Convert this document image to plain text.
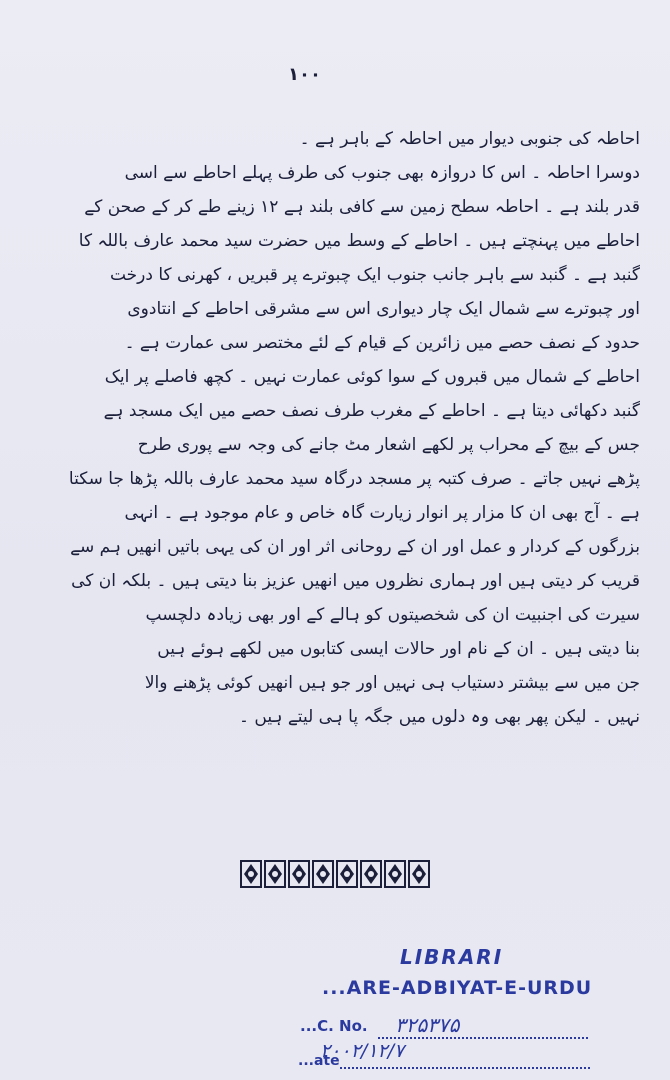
۱۰۰
احاطہ کی جنوبی دیوار میں احاطہ کے باہر ہے ۔
دوسرا احاطہ ۔ اس کا دروازہ بھی جنوب کی طرف پہلے احاطے سے اسی
قدر بلند ہے ۔ احاطہ سطح زمین سے کافی بلند ہے ۱۲ زینے طے کر کے صحن کے
احاطے میں پہنچتے ہیں ۔ احاطے کے وسط میں حضرت سید محمد عارف باللہ کا
گنبد ہے ۔ گنبد سے باہر جانب جنوب ایک چبوترے پر قبریں ، کھرنی کا درخت
اور چبوترے سے شمال ایک چار دیواری اس سے مشرقی احاطے کے انتادوی
حدود کے نصف حصے میں زائرین کے قیام کے لئے مختصر سی عمارت ہے ۔
احاطے کے شمال میں قبروں کے سوا کوئی عمارت نہیں ۔ کچھ فاصلے پر ایک
گنبد دکھائی دیتا ہے ۔ احاطے کے مغرب طرف نصف حصے میں ایک مسجد ہے
جس کے بیچ کے محراب پر لکھے اشعار مٹ جانے کی وجہ سے پوری طرح
پڑھے نہیں جاتے ۔ صرف کتبہ پر مسجد درگاہ سید محمد عارف باللہ پڑھا جا سکتا
ہے ۔ آج بھی ان کا مزار پر انوار زیارت گاہ خاص و عام موجود ہے ۔ انہی
بزرگوں کے کردار و عمل اور ان کے روحانی اثر اور ان کی یہی باتیں انھیں ہم سے
قریب کر دیتی ہیں اور ہماری نظروں میں انھیں عزیز بنا دیتی ہیں ۔ بلکہ ان کی
سیرت کی اجنبیت ان کی شخصیتوں کو ہالے کے اور بھی زیادہ دلچسپ
بنا دیتی ہیں ۔ ان کے نام اور حالات ایسی کتابوں میں لکھے ہوئے ہیں
جن میں سے بیشتر دستیاب ہی نہیں اور جو ہیں انھیں کوئی پڑھنے والا
نہیں ۔ لیکن پھر بھی وہ دلوں میں جگہ پا ہی لیتے ہیں ۔
LIBRARI
...ARE-ADBIYAT-E-URDU
...C. No. ۳۲۵۳۷۵
...ate
۲۰۰۲/۱۲/۷
